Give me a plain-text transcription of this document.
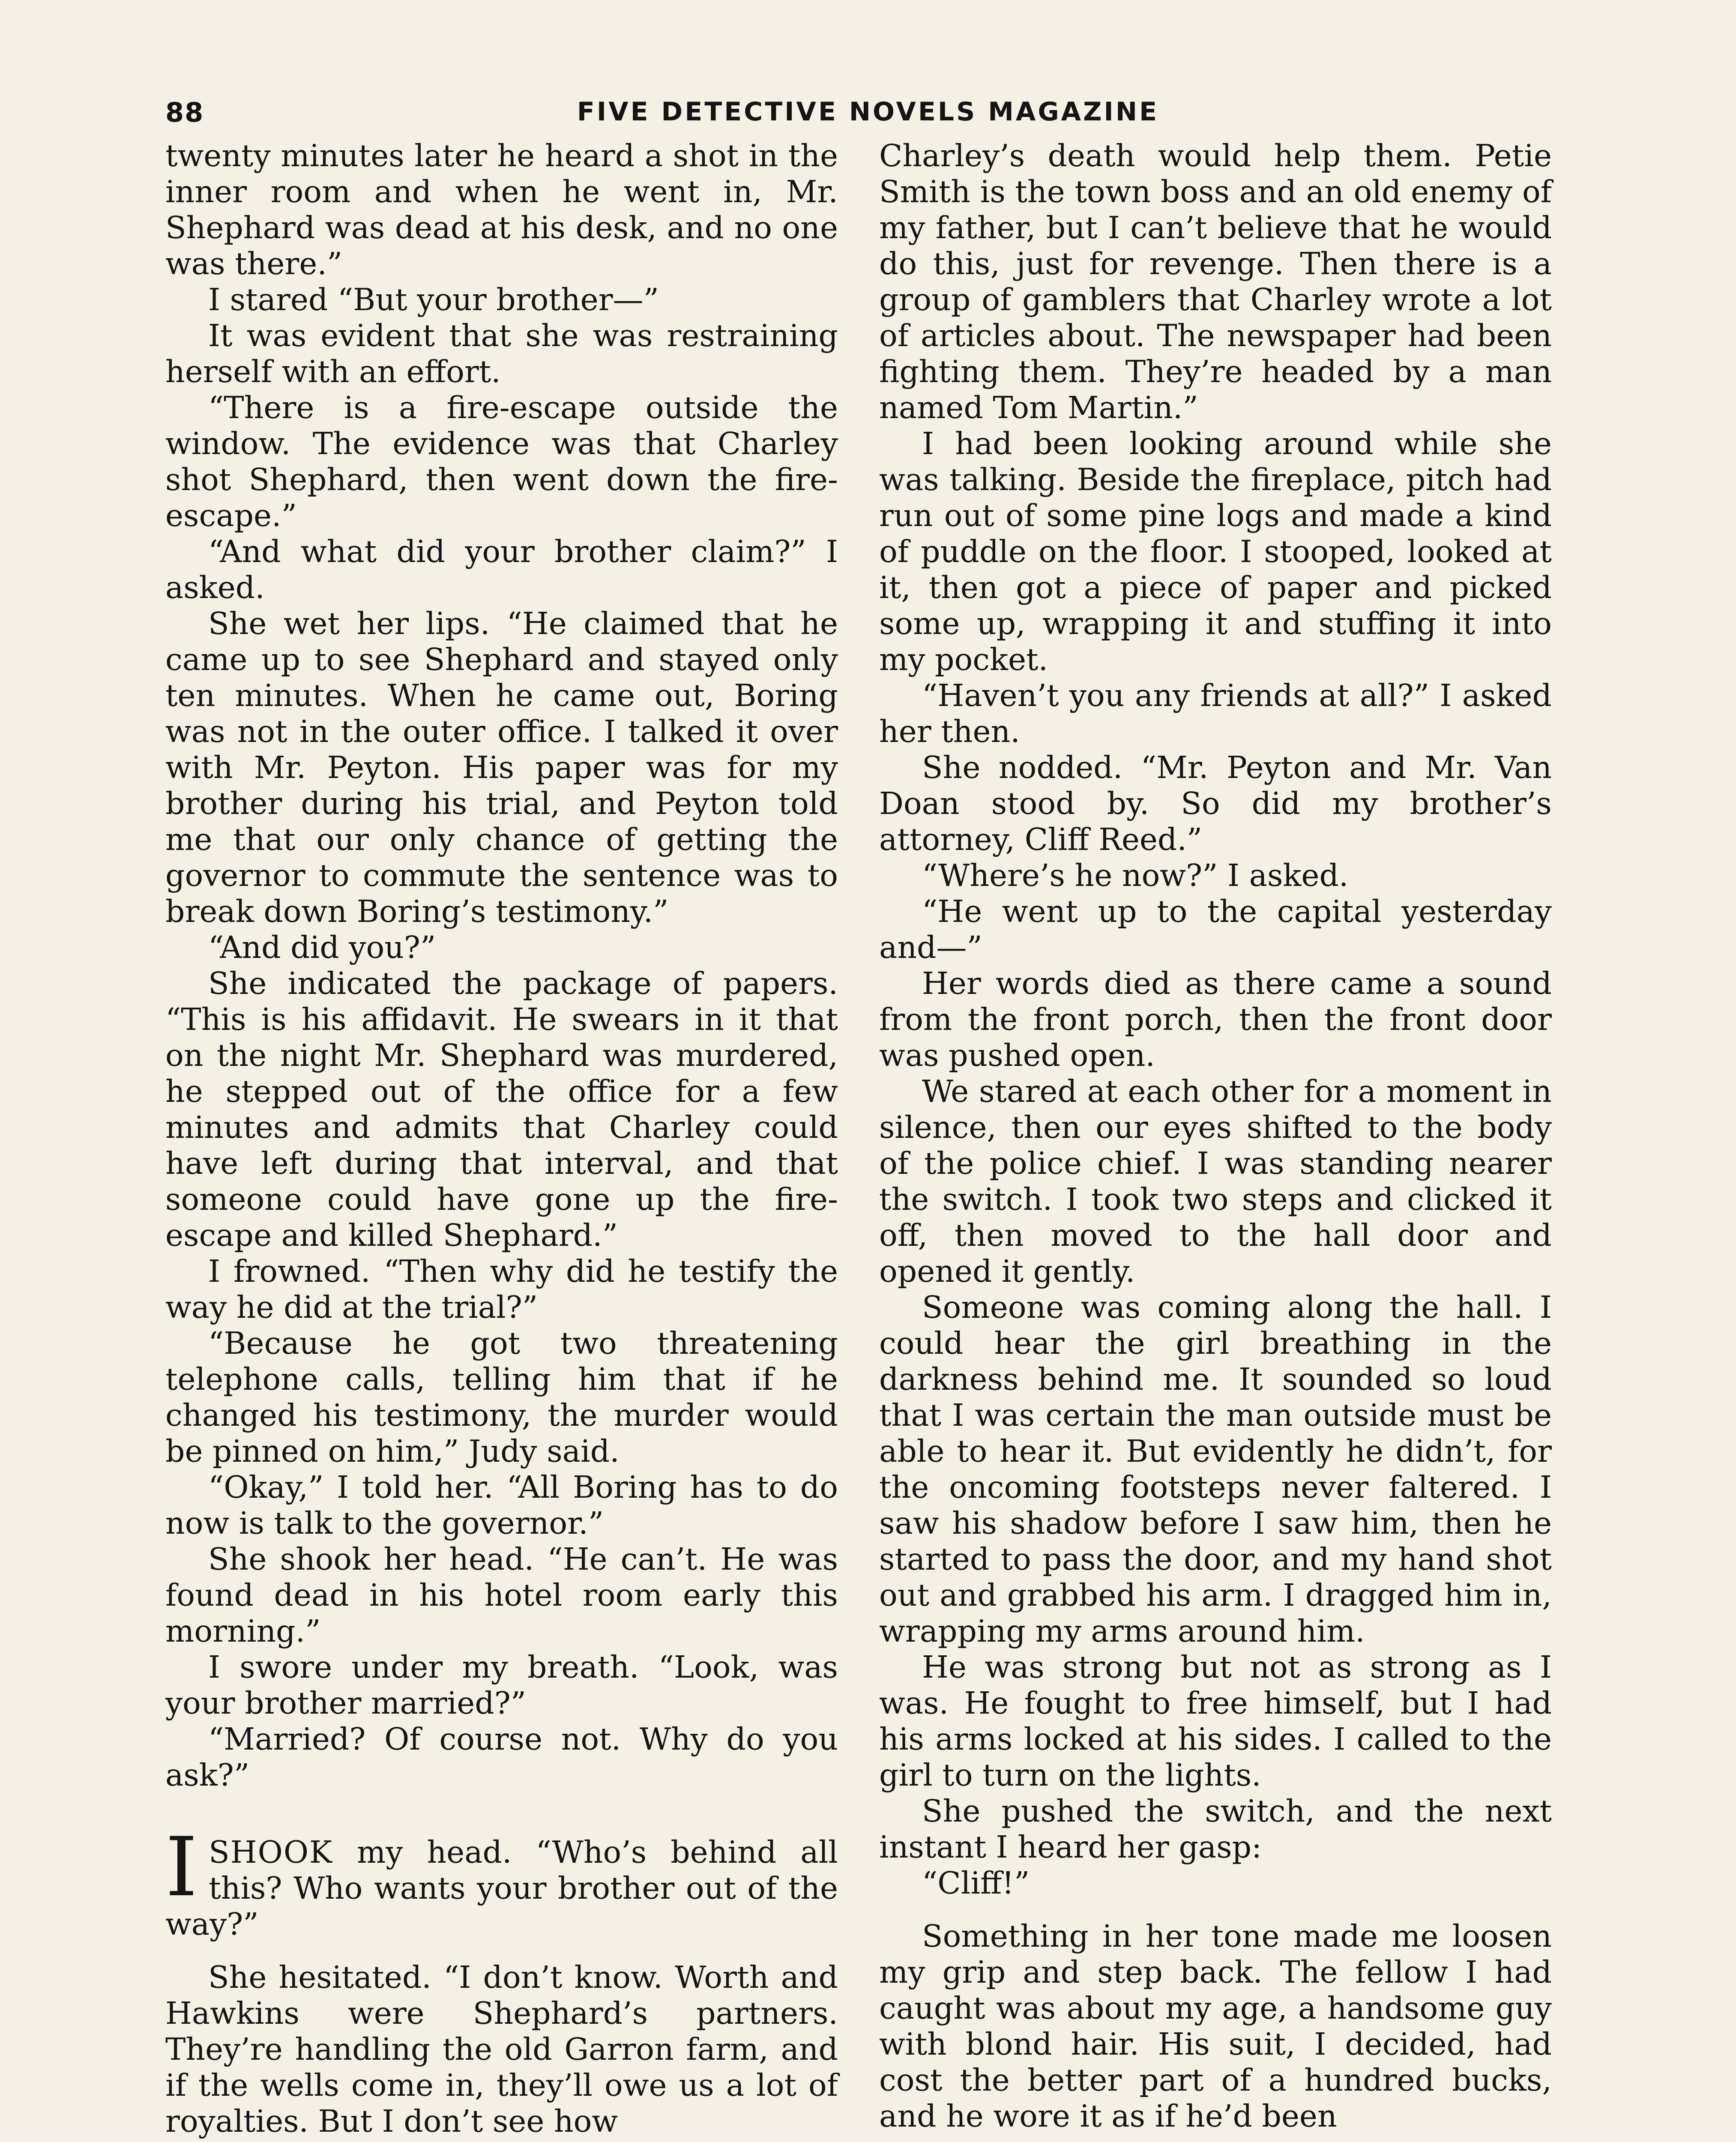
88	FIVE DETECTIVE NOVELS MAGAZINE

twenty minutes later he heard a shot in the inner room and when he went in, Mr. Shephard was dead at his desk, and no one was there.”

I stared “But your brother—”

It was evident that she was restraining herself with an effort.

“There is a fire-escape outside the window. The evidence was that Charley shot Shephard, then went down the fire-escape.”

“And what did your brother claim?” I asked.

She wet her lips. “He claimed that he came up to see Shephard and stayed only ten minutes. When he came out, Boring was not in the outer office. I talked it over with Mr. Peyton. His paper was for my brother during his trial, and Peyton told me that our only chance of getting the governor to commute the sentence was to break down Boring’s testimony.”

“And did you?”

She indicated the package of papers. “This is his affidavit. He swears in it that on the night Mr. Shephard was murdered, he stepped out of the office for a few minutes and admits that Charley could have left during that interval, and that someone could have gone up the fire-escape and killed Shephard.”

I frowned. “Then why did he testify the way he did at the trial?”

“Because he got two threatening telephone calls, telling him that if he changed his testimony, the murder would be pinned on him,” Judy said.

“Okay,” I told her. “All Boring has to do now is talk to the governor.”

She shook her head. “He can’t. He was found dead in his hotel room early this morning.”

I swore under my breath. “Look, was your brother married?”

“Married? Of course not. Why do you ask?”

ISHOOK my head. “Who’s behind all this? Who wants your brother out of the way?”

She hesitated. “I don’t know. Worth and Hawkins were Shephard’s partners. They’re handling the old Garron farm, and if the wells come in, they’ll owe us a lot of royalties. But I don’t see how

Charley’s death would help them. Petie Smith is the town boss and an old enemy of my father, but I can’t believe that he would do this, just for revenge. Then there is a group of gamblers that Charley wrote a lot of articles about. The newspaper had been fighting them. They’re headed by a man named Tom Martin.”

I had been looking around while she was talking. Beside the fireplace, pitch had run out of some pine logs and made a kind of puddle on the floor. I stooped, looked at it, then got a piece of paper and picked some up, wrapping it and stuffing it into my pocket.

“Haven’t you any friends at all?” I asked her then.

She nodded. “Mr. Peyton and Mr. Van Doan stood by. So did my brother’s attorney, Cliff Reed.”

“Where’s he now?” I asked.

“He went up to the capital yesterday and—”

Her words died as there came a sound from the front porch, then the front door was pushed open.

We stared at each other for a moment in silence, then our eyes shifted to the body of the police chief. I was standing nearer the switch. I took two steps and clicked it off, then moved to the hall door and opened it gently.

Someone was coming along the hall. I could hear the girl breathing in the darkness behind me. It sounded so loud that I was certain the man outside must be able to hear it. But evidently he didn’t, for the oncoming footsteps never faltered. I saw his shadow before I saw him, then he started to pass the door, and my hand shot out and grabbed his arm. I dragged him in, wrapping my arms around him.

He was strong but not as strong as I was. He fought to free himself, but I had his arms locked at his sides. I called to the girl to turn on the lights.

She pushed the switch, and the next instant I heard her gasp:

“Cliff!”

Something in her tone made me loosen my grip and step back. The fellow I had caught was about my age, a handsome guy with blond hair. His suit, I decided, had cost the better part of a hundred bucks, and he wore it as if he’d been
